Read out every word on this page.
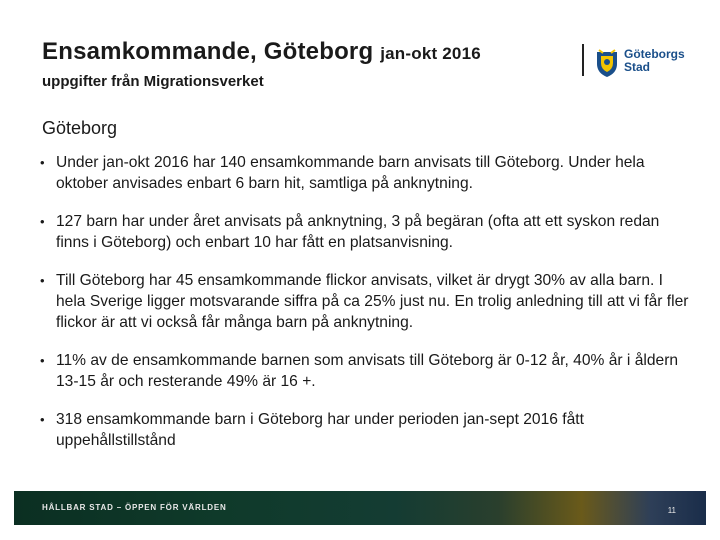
Ensamkommande, Göteborg jan-okt 2016
uppgifter från Migrationsverket
Göteborgs
Stad
Göteborg
• Under jan-okt 2016 har 140 ensamkommande barn anvisats till Göteborg. Under hela oktober anvisades enbart 6 barn hit, samtliga på anknytning.
• 127 barn har under året anvisats på anknytning, 3 på begäran (ofta att ett syskon redan finns i Göteborg) och enbart 10 har fått en platsanvisning.
• Till Göteborg har 45 ensamkommande flickor anvisats, vilket är drygt 30% av alla barn. I hela Sverige ligger motsvarande siffra på ca 25% just nu. En trolig anledning till att vi får fler flickor är att vi också får många barn på anknytning.
• 11% av de ensamkommande barnen som anvisats till Göteborg är 0-12 år, 40% år i åldern 13-15 år och resterande 49% är 16 +.
• 318 ensamkommande barn i Göteborg har under perioden jan-sept 2016 fått uppehållstillstånd
HÅLLBAR STAD – ÖPPEN FÖR VÄRLDEN	11
